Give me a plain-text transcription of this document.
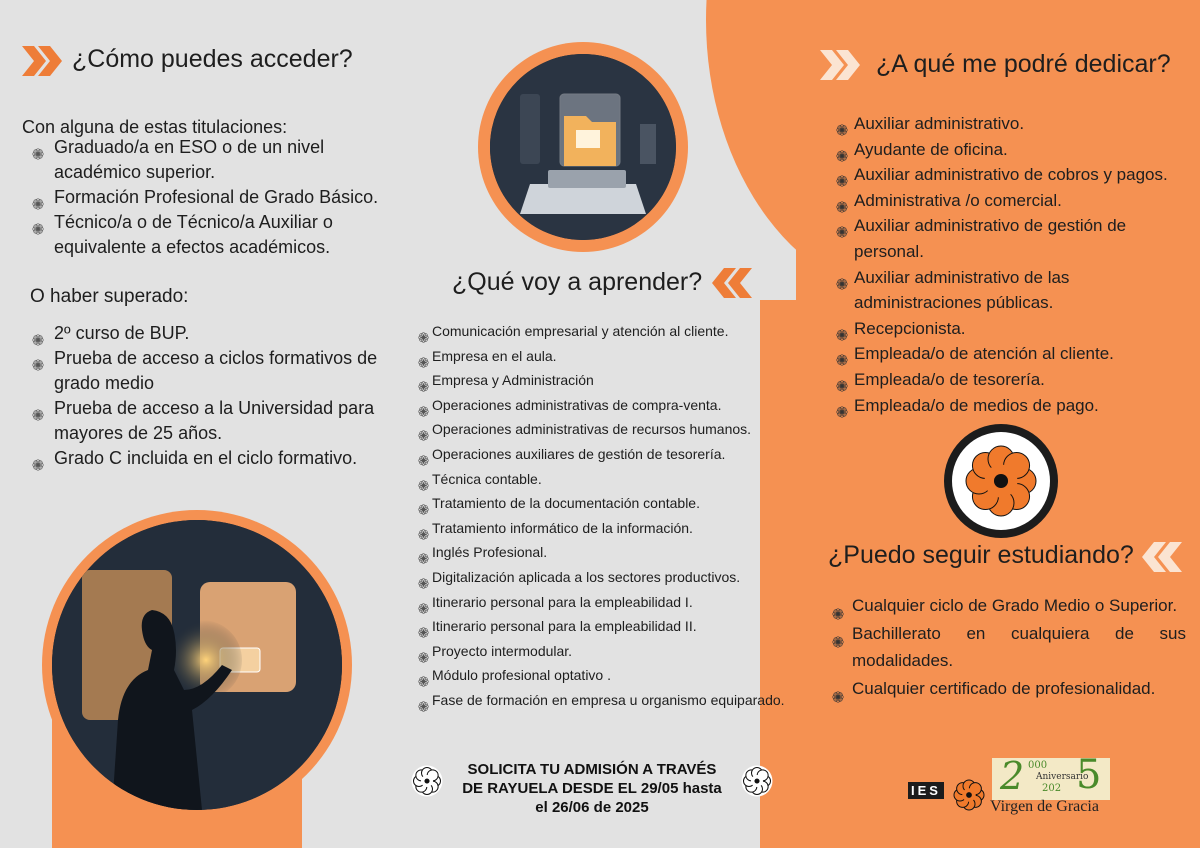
¿Cómo puedes acceder?
Con alguna de estas titulaciones:
Graduado/a en ESO o de un nivel académico superior.
Formación Profesional de Grado Básico.
Técnico/a o de Técnico/a Auxiliar o equivalente a efectos académicos.
O haber superado:
2º curso de BUP.
Prueba de acceso a ciclos formativos de grado medio
Prueba de acceso a la Universidad para mayores de 25 años.
Grado C incluida en el ciclo formativo.
¿Qué voy a aprender?
Comunicación empresarial y atención al cliente.
Empresa en el aula.
Empresa y Administración
Operaciones administrativas de compra-venta.
Operaciones administrativas de recursos humanos.
Operaciones auxiliares de gestión de tesorería.
Técnica contable.
Tratamiento de la documentación contable.
Tratamiento informático de la información.
Inglés Profesional.
Digitalización aplicada a los sectores productivos.
Itinerario personal para la empleabilidad I.
Itinerario personal para la empleabilidad II.
Proyecto intermodular.
Módulo profesional optativo .
Fase de formación en empresa u organismo equiparado.
SOLICITA TU ADMISIÓN A TRAVÉS
DE RAYUELA DESDE EL 29/05 hasta
el 26/06 de 2025
¿A qué me podré dedicar?
Auxiliar administrativo.
Ayudante de oficina.
Auxiliar administrativo de cobros y pagos.
Administrativa /o comercial.
Auxiliar administrativo de gestión de personal.
Auxiliar administrativo de las administraciones públicas.
Recepcionista.
Empleada/o de atención al cliente.
Empleada/o de tesorería.
Empleada/o de medios de pago.
¿Puedo seguir estudiando?
Cualquier ciclo de Grado Medio o Superior.
Bachillerato en cualquiera de sus modalidades.
Cualquier certificado de profesionalidad.
IES 2 000
Aniversario
202 5
Virgen de Gracia
